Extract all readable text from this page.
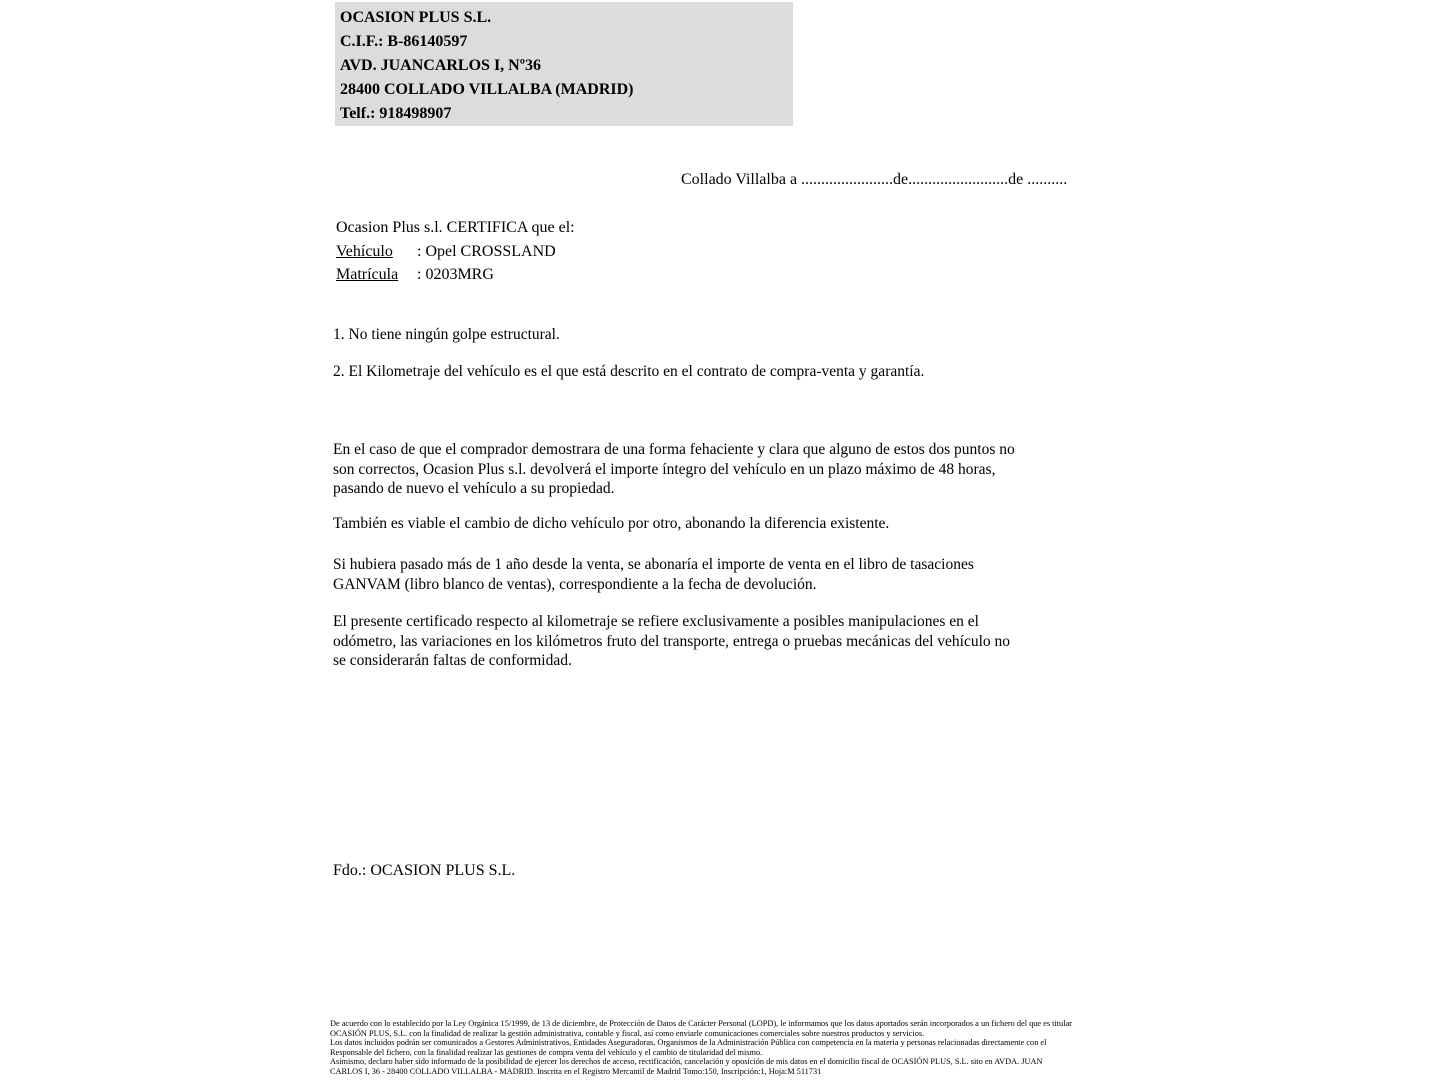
OCASION PLUS S.L.
C.I.F.: B-86140597
AVD. JUANCARLOS I, Nº36
28400 COLLADO VILLALBA (MADRID)
Telf.: 918498907
Collado Villalba a .......................de.........................de ..........
Ocasion Plus s.l. CERTIFICA que el:
Vehículo : Opel CROSSLAND
Matrícula : 0203MRG
1. No tiene ningún golpe estructural.
2. El Kilometraje del vehículo es el que está descrito en el contrato de compra-venta y garantía.
En el caso de que el comprador demostrara de una forma fehaciente y clara que alguno de estos dos puntos no
son correctos, Ocasion Plus s.l. devolverá el importe íntegro del vehículo en un plazo máximo de 48 horas,
pasando de nuevo el vehículo a su propiedad.
También es viable el cambio de dicho vehículo por otro, abonando la diferencia existente.
Si hubiera pasado más de 1 año desde la venta, se abonaría el importe de venta en el libro de tasaciones
GANVAM (libro blanco de ventas), correspondiente a la fecha de devolución.
El presente certificado respecto al kilometraje se refiere exclusivamente a posibles manipulaciones en el
odómetro, las variaciones en los kilómetros fruto del transporte, entrega o pruebas mecánicas del vehículo no
se considerarán faltas de conformidad.
Fdo.: OCASION PLUS S.L.
De acuerdo con lo establecido por la Ley Orgánica 15/1999, de 13 de diciembre, de Protección de Datos de Carácter Personal (LOPD), le informamos que los datos aportados serán incorporados a un fichero del que es titular
OCASIÓN PLUS, S.L. con la finalidad de realizar la gestión administrativa, contable y fiscal, así como enviarle comunicaciones comerciales sobre nuestros productos y servicios.
Los datos incluidos podrán ser comunicados a Gestores Administrativos, Entidades Aseguradoras, Organismos de la Administración Pública con competencia en la materia y personas relacionadas directamente con el
Responsable del fichero, con la finalidad realizar las gestiones de compra venta del vehículo y el cambio de titularidad del mismo.
Asimismo, declaro haber sido informado de la posibilidad de ejercer los derechos de acceso, rectificación, cancelación y oposición de mis datos en el domicilio fiscal de OCASIÓN PLUS, S.L. sito en AVDA. JUAN
CARLOS I, 36 - 28400 COLLADO VILLALBA - MADRID. Inscrita en el Registro Mercantil de Madrid Tomo:150, Inscripción:1, Hoja:M 511731
